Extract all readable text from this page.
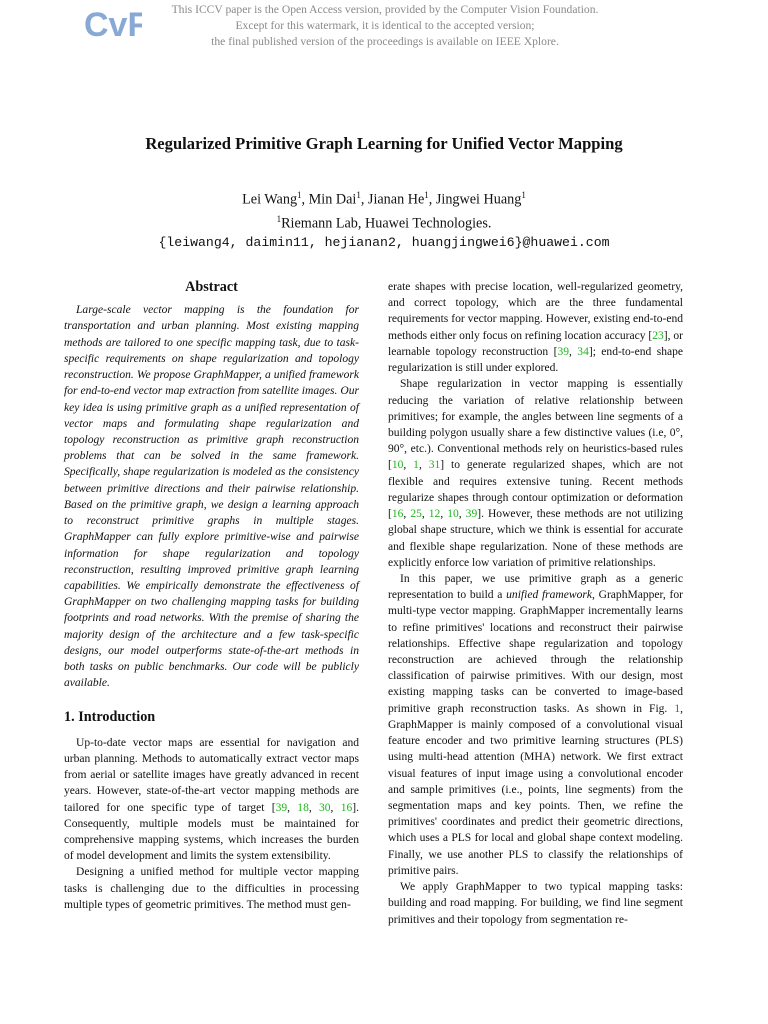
CvF	This ICCV paper is the Open Access version, provided by the Computer Vision Foundation.
Except for this watermark, it is identical to the accepted version;
the final published version of the proceedings is available on IEEE Xplore.
Regularized Primitive Graph Learning for Unified Vector Mapping
Lei Wang$^1$, Min Dai$^1$, Jianan He$^1$, Jingwei Huang$^1$
$^1$Riemann Lab, Huawei Technologies.
{leiwang4, daimin11, hejianan2, huangjingwei6}@huawei.com
Abstract

Large-scale vector mapping is the foundation for transportation and urban planning. Most existing mapping methods are tailored to one specific mapping task, due to task-specific requirements on shape regularization and topology reconstruction. We propose GraphMapper, a unified framework for end-to-end vector map extraction from satellite images. Our key idea is using primitive graph as a unified representation of vector maps and formulating shape regularization and topology reconstruction as primitive graph reconstruction problems that can be solved in the same framework. Specifically, shape regularization is modeled as the consistency between primitive directions and their pairwise relationship. Based on the primitive graph, we design a learning approach to reconstruct primitive graphs in multiple stages. GraphMapper can fully explore primitive-wise and pairwise information for shape regularization and topology reconstruction, resulting improved primitive graph learning capabilities. We empirically demonstrate the effectiveness of GraphMapper on two challenging mapping tasks for building footprints and road networks. With the premise of sharing the majority design of the architecture and a few task-specific designs, our model outperforms state-of-the-art methods in both tasks on public benchmarks. Our code will be publicly available.

1. Introduction

Up-to-date vector maps are essential for navigation and urban planning. Methods to automatically extract vector maps from aerial or satellite images have greatly advanced in recent years. However, state-of-the-art vector mapping methods are tailored for one specific type of target [39, 18, 30, 16]. Consequently, multiple models must be maintained for comprehensive mapping systems, which increases the burden of model development and limits the system extensibility.

Designing a unified method for multiple vector mapping tasks is challenging due to the difficulties in processing multiple types of geometric primitives. The method must gen-

erate shapes with precise location, well-regularized geometry, and correct topology, which are the three fundamental requirements for vector mapping. However, existing end-to-end methods either only focus on refining location accuracy [23], or learnable topology reconstruction [39, 34]; end-to-end shape regularization is still under explored.

Shape regularization in vector mapping is essentially reducing the variation of relative relationship between primitives; for example, the angles between line segments of a building polygon usually share a few distinctive values (i.e, 0°, 90°, etc.). Conventional methods rely on heuristics-based rules [10, 1, 31] to generate regularized shapes, which are not flexible and requires extensive tuning. Recent methods regularize shapes through contour optimization or deformation [16, 25, 12, 10, 39]. However, these methods are not utilizing global shape structure, which we think is essential for accurate and flexible shape regularization. None of these methods are explicitly enforce low variation of primitive relationships.

In this paper, we use primitive graph as a generic representation to build a unified framework, GraphMapper, for multi-type vector mapping. GraphMapper incrementally learns to refine primitives' locations and reconstruct their pairwise relationships. Effective shape regularization and topology reconstruction are achieved through the relationship classification of pairwise primitives. With our design, most existing mapping tasks can be converted to image-based primitive graph reconstruction tasks. As shown in Fig. 1, GraphMapper is mainly composed of a convolutional visual feature encoder and two primitive learning structures (PLS) using multi-head attention (MHA) network. We first extract visual features of input image using a convolutional encoder and sample primitives (i.e., points, line segments) from the segmentation maps and key points. Then, we refine the primitives' coordinates and predict their geometric directions, which uses a PLS for local and global shape context modeling. Finally, we use another PLS to classify the relationships of primitive pairs.

We apply GraphMapper to two typical mapping tasks: building and road mapping. For building, we find line segment primitives and their topology from segmentation re-
